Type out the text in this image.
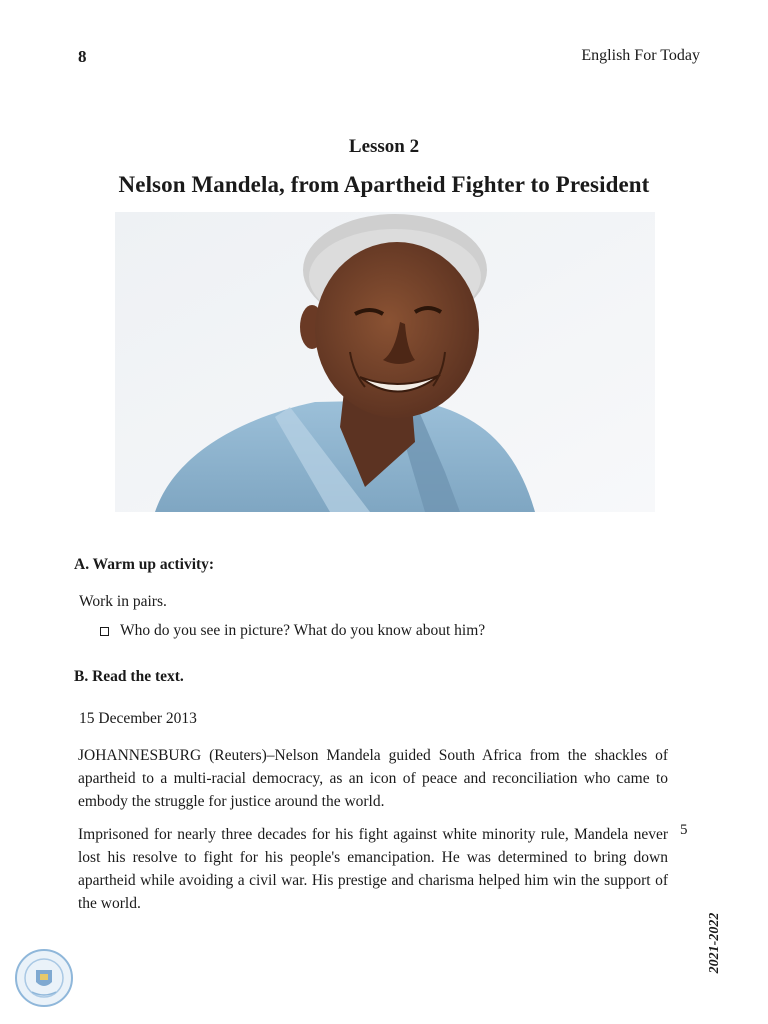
8	English For Today
Lesson 2
Nelson Mandela, from Apartheid Fighter to President
A. Warm up activity:
Work in pairs.
Who do you see in picture? What do you know about him?
B. Read the text.
15 December 2013
JOHANNESBURG (Reuters)–Nelson Mandela guided South Africa from the shackles of apartheid to a multi-racial democracy, as an icon of peace and reconciliation who came to embody the struggle for justice around the world.
Imprisoned for nearly three decades for his fight against white minority rule, Mandela never lost his resolve to fight for his people's emancipation. He was determined to bring down apartheid while avoiding a civil war. His prestige and charisma helped him win the support of the world.
5
2021-2022
